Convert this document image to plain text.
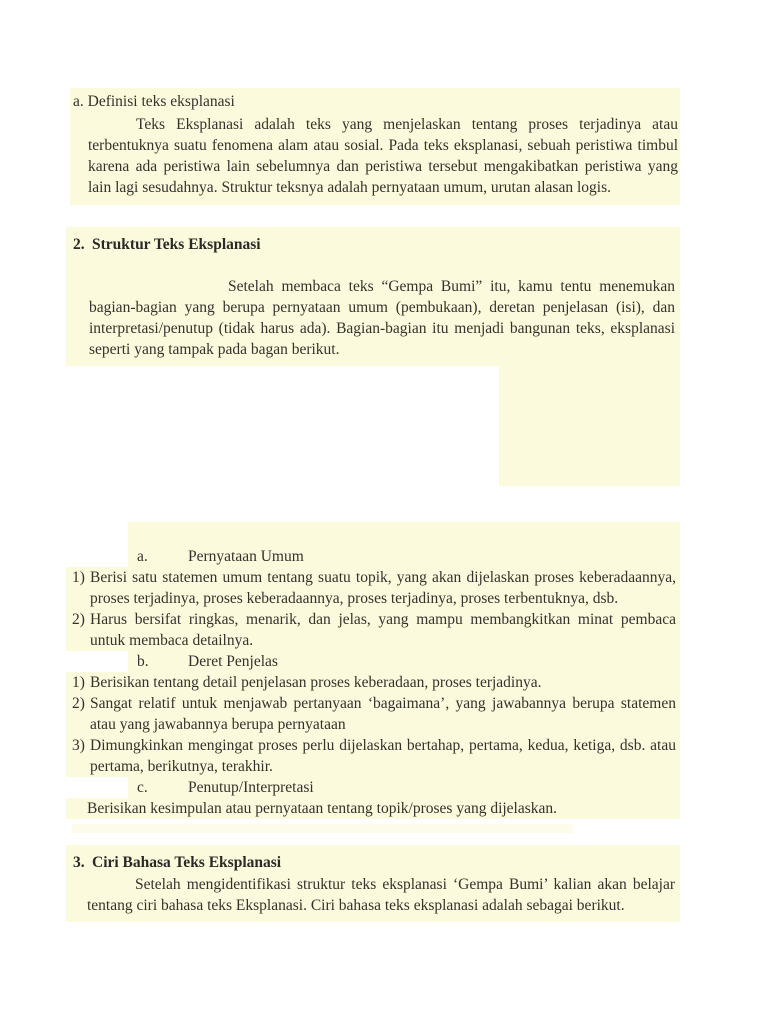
a. Definisi teks eksplanasi

Teks Eksplanasi adalah teks yang menjelaskan tentang proses terjadinya atau terbentuknya suatu fenomena alam atau sosial. Pada teks eksplanasi, sebuah peristiwa timbul karena ada peristiwa lain sebelumnya dan peristiwa tersebut mengakibatkan peristiwa yang lain lagi sesudahnya. Struktur teksnya adalah pernyataan umum, urutan alasan logis.

2. Struktur Teks Eksplanasi

Setelah membaca teks “Gempa Bumi” itu, kamu tentu menemukan bagian-bagian yang berupa pernyataan umum (pembukaan), deretan penjelasan (isi), dan interpretasi/penutup (tidak harus ada). Bagian-bagian itu menjadi bangunan teks, eksplanasi seperti yang tampak pada bagan berikut.

a.	Pernyataan Umum
1) Berisi satu statemen umum tentang suatu topik, yang akan dijelaskan proses keberadaannya, proses terjadinya, proses keberadaannya, proses terjadinya, proses terbentuknya, dsb.
2) Harus bersifat ringkas, menarik, dan jelas, yang mampu membangkitkan minat pembaca untuk membaca detailnya.
b.	Deret Penjelas
1) Berisikan tentang detail penjelasan proses keberadaan, proses terjadinya.
2) Sangat relatif untuk menjawab pertanyaan ‘bagaimana’, yang jawabannya berupa statemen atau yang jawabannya berupa pernyataan
3) Dimungkinkan mengingat proses perlu dijelaskan bertahap, pertama, kedua, ketiga, dsb. atau pertama, berikutnya, terakhir.
c.	Penutup/Interpretasi
Berisikan kesimpulan atau pernyataan tentang topik/proses yang dijelaskan.
3. Ciri Bahasa Teks Eksplanasi

Setelah mengidentifikasi struktur teks eksplanasi ‘Gempa Bumi’ kalian akan belajar tentang ciri bahasa teks Eksplanasi. Ciri bahasa teks eksplanasi adalah sebagai berikut.
